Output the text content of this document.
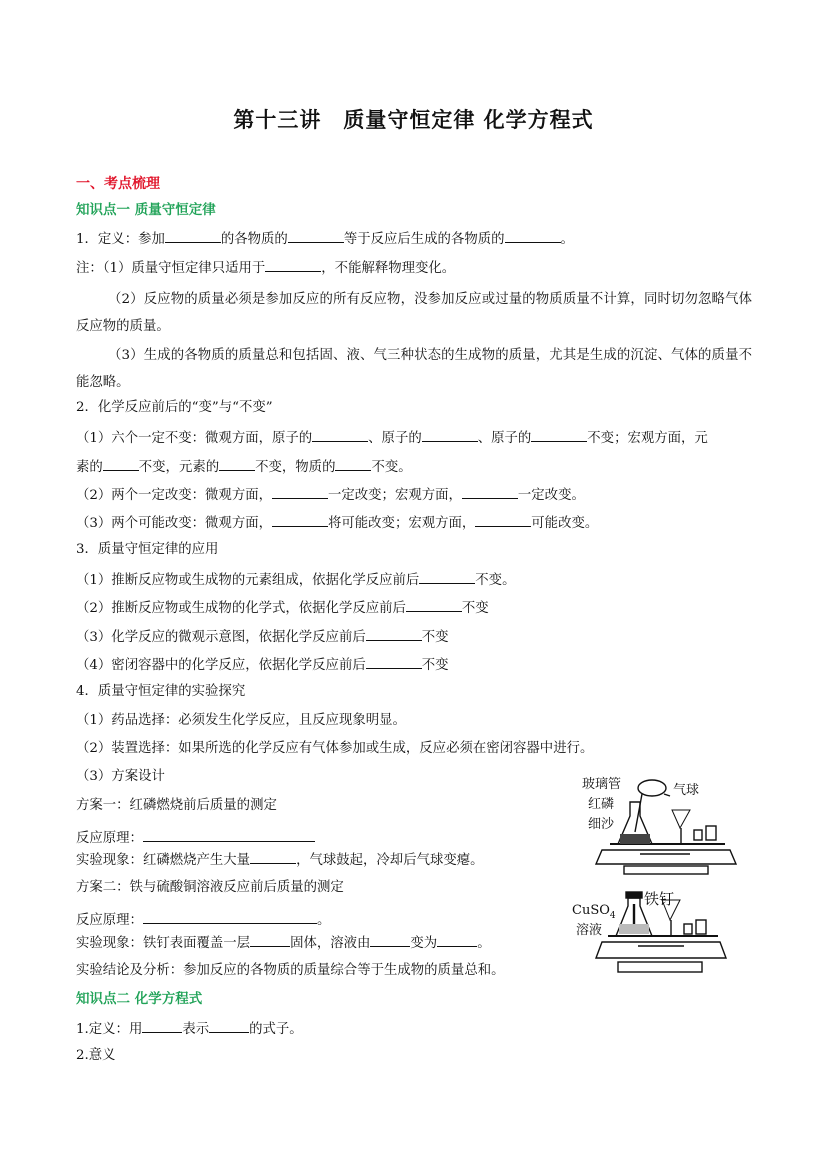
第十三讲　质量守恒定律 化学方程式
一、考点梳理
知识点一 质量守恒定律
1．定义：参加	的各物质的	等于反应后生成的各物质的	。
注：（1）质量守恒定律只适用于	，不能解释物理变化。
（2）反应物的质量必须是参加反应的所有反应物，没参加反应或过量的物质质量不计算，同时切勿忽略气体反应物的质量。
（3）生成的各物质的质量总和包括固、液、气三种状态的生成物的质量，尤其是生成的沉淀、气体的质量不能忽略。
2．化学反应前后的“变”与“不变”
（1）六个一定不变：微观方面，原子的	、原子的	、原子的	不变；宏观方面，元
素的	不变，元素的	不变，物质的	不变。
（2）两个一定改变：微观方面，	一定改变；宏观方面，	一定改变。
（3）两个可能改变：微观方面，	将可能改变；宏观方面，	可能改变。
3．质量守恒定律的应用
（1）推断反应物或生成物的元素组成，依据化学反应前后	不变。
（2）推断反应物或生成物的化学式，依据化学反应前后	不变
（3）化学反应的微观示意图，依据化学反应前后	不变
（4）密闭容器中的化学反应，依据化学反应前后	不变
4．质量守恒定律的实验探究
（1）药品选择：必须发生化学反应，且反应现象明显。
（2）装置选择：如果所选的化学反应有气体参加或生成，反应必须在密闭容器中进行。
（3）方案设计
方案一：红磷燃烧前后质量的测定
反应原理：
实验现象：红磷燃烧产生大量	，气球鼓起，冷却后气球变瘪。
方案二：铁与硫酸铜溶液反应前后质量的测定
反应原理：	。
实验现象：铁钉表面覆盖一层	固体，溶液由	变为	。
实验结论及分析：参加反应的各物质的质量综合等于生成物的质量总和。
知识点二 化学方程式
1.定义：用	表示	的式子。
2.意义
玻璃管
红磷
细沙
气球
CuSO$_4$
溶液
铁钉
